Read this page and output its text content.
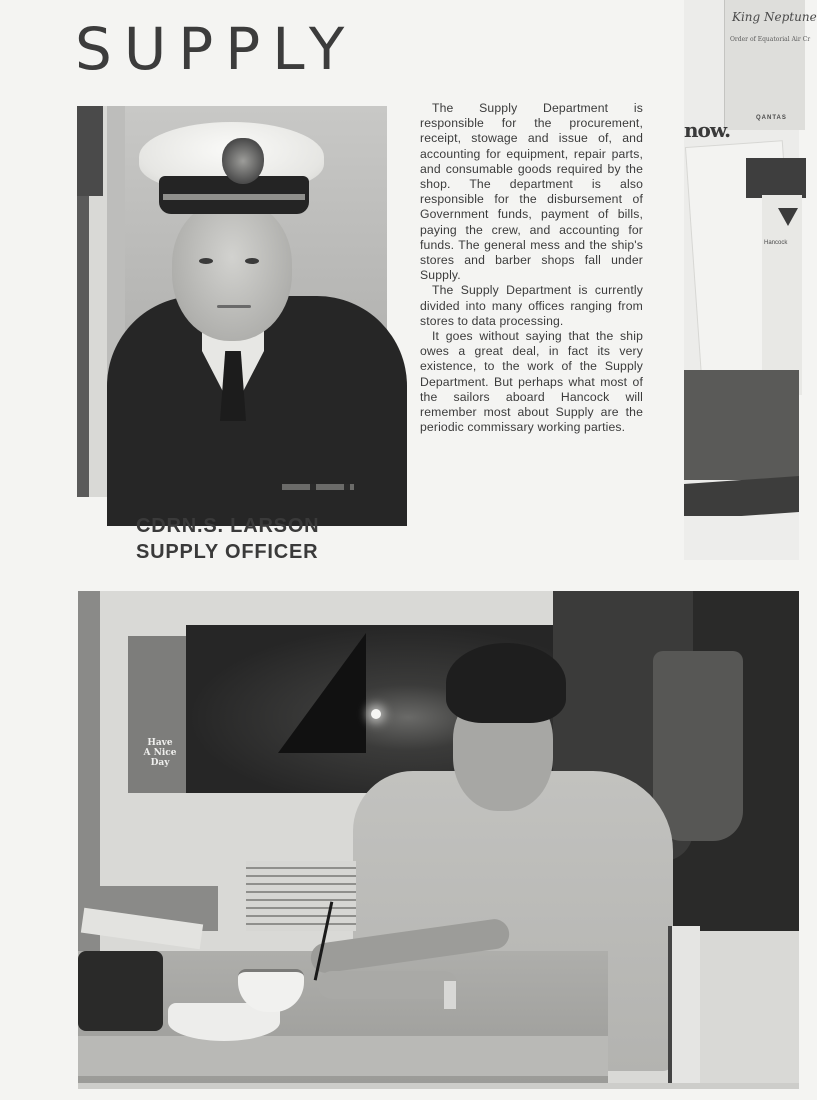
SUPPLY

The Supply Department is responsible for the procurement, receipt, stowage and issue of, and accounting for equipment, repair parts, and consumable goods required by the shop. The department is also responsible for the disbursement of Government funds, payment of bills, paying the crew, and accounting for funds. The general mess and the ship's stores and barber shops fall under Supply.

The Supply Department is currently divided into many offices ranging from stores to data processing.

It goes without saying that the ship owes a great deal, in fact its very existence, to the work of the Supply Department. But perhaps what most of the sailors aboard Hancock will remember most about Supply are the periodic commissary working parties.

CDRN.S. LARSON
SUPPLY OFFICER
King Neptune
Order of Equatorial Air Cr
QANTAS
now.
Hancock
Have
A Nice
Day
